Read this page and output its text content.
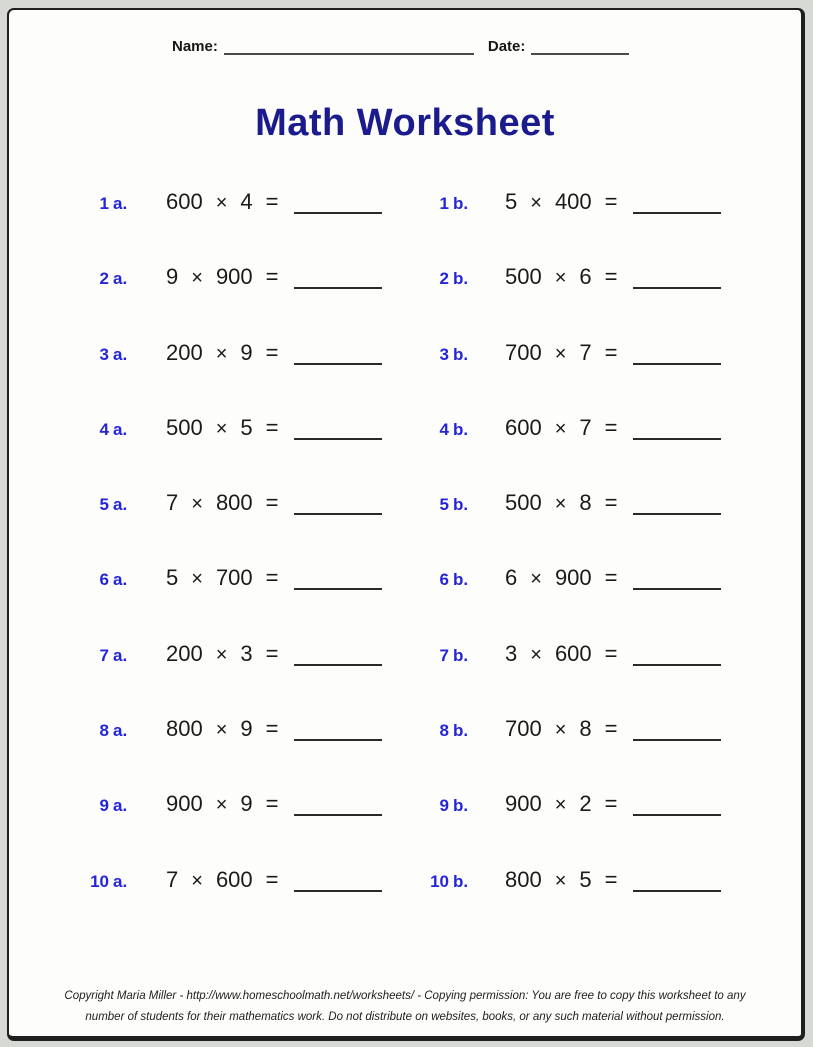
Name:	Date:
Math Worksheet
1 a. 600 × 4 =	1 b. 5 × 400 =
2 a. 9 × 900 =	2 b. 500 × 6 =
3 a. 200 × 9 =	3 b. 700 × 7 =
4 a. 500 × 5 =	4 b. 600 × 7 =
5 a. 7 × 800 =	5 b. 500 × 8 =
6 a. 5 × 700 =	6 b. 6 × 900 =
7 a. 200 × 3 =	7 b. 3 × 600 =
8 a. 800 × 9 =	8 b. 700 × 8 =
9 a. 900 × 9 =	9 b. 900 × 2 =
10 a. 7 × 600 =	10 b. 800 × 5 =
Copyright Maria Miller - http://www.homeschoolmath.net/worksheets/ - Copying permission: You are free to copy this worksheet to any
number of students for their mathematics work. Do not distribute on websites, books, or any such material without permission.
